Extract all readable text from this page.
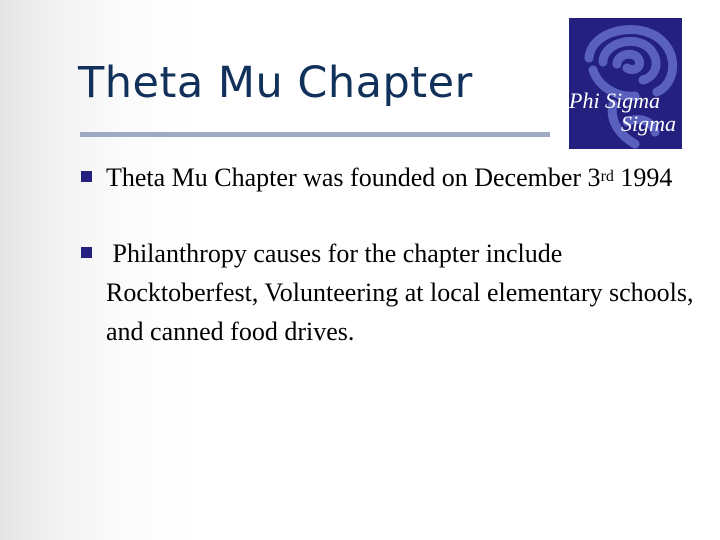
Theta Mu Chapter	Phi Sigma
Sigma
Theta Mu Chapter was founded on December 3rd 1994
Philanthropy causes for the chapter include Rocktoberfest, Volunteering at local elementary schools, and canned food drives.
